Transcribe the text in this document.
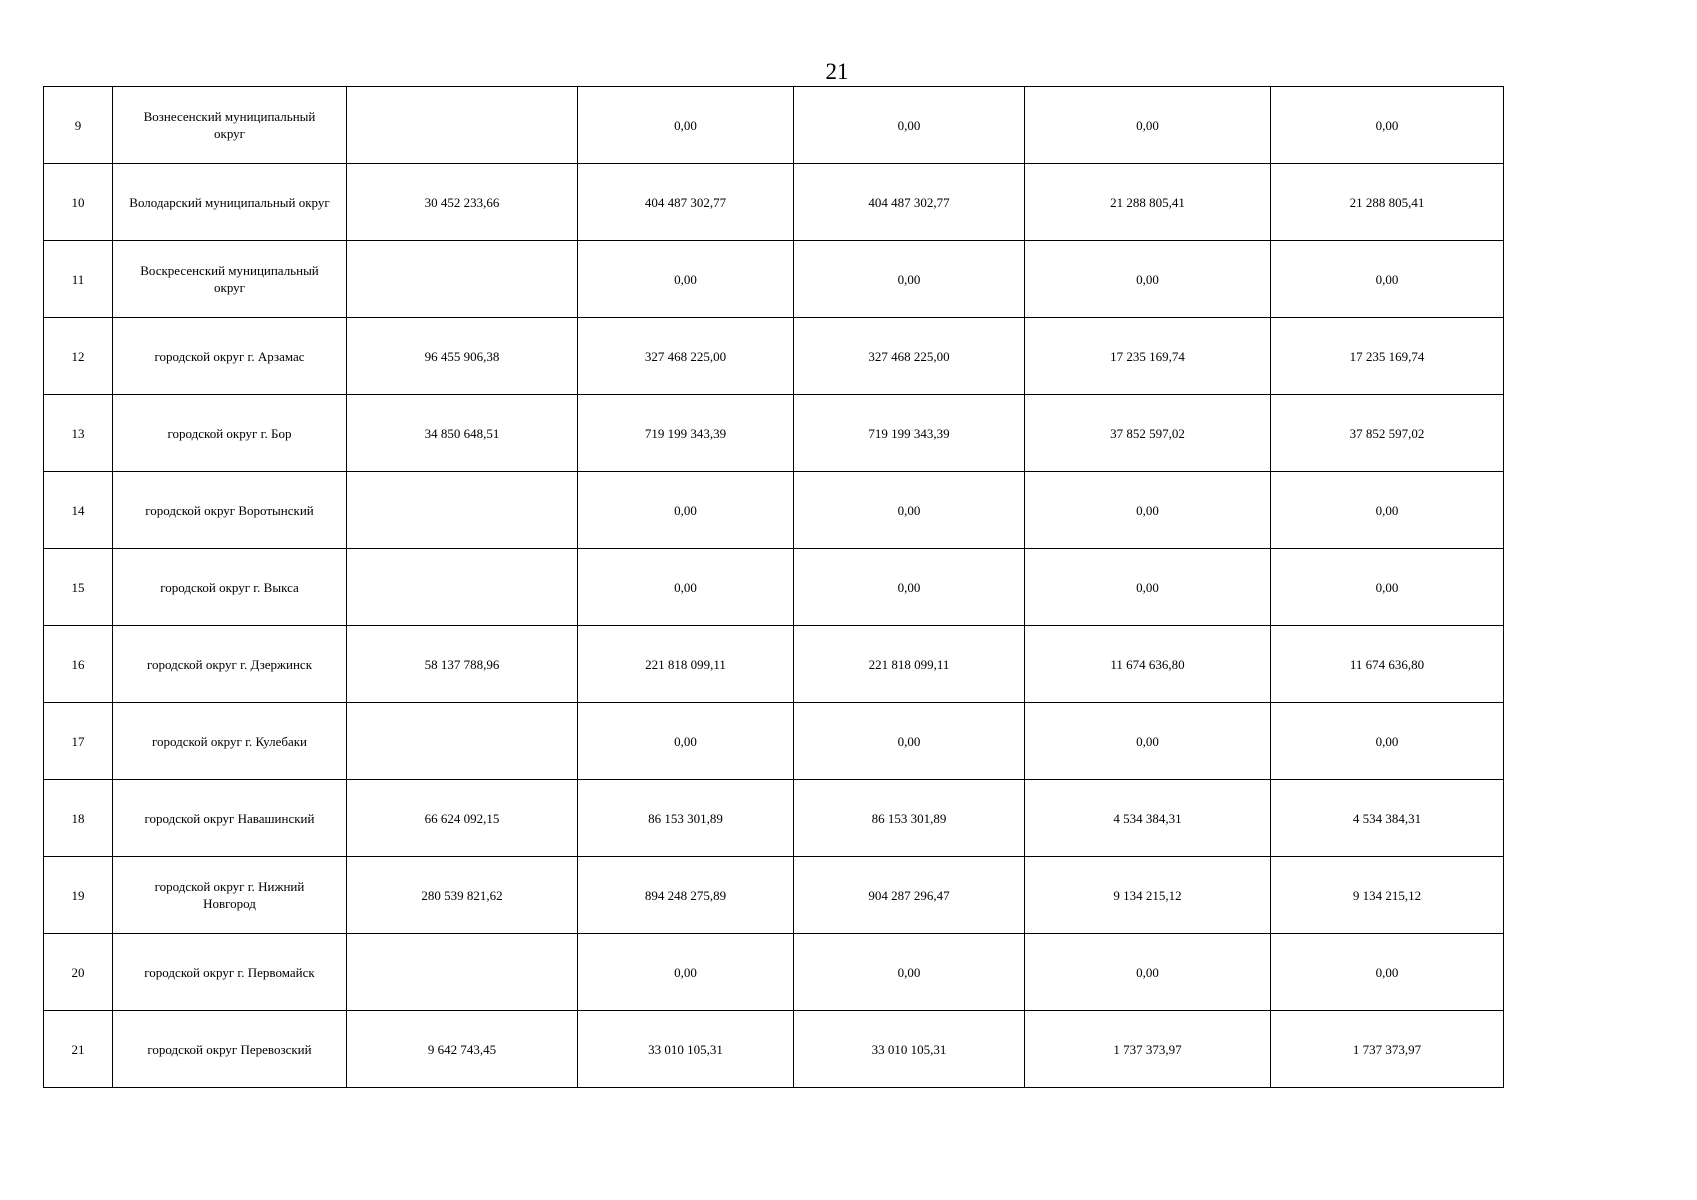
21
9	Вознесенский муниципальный округ		0,00	0,00	0,00	0,00
10	Володарский муниципальный округ	30 452 233,66	404 487 302,77	404 487 302,77	21 288 805,41	21 288 805,41
11	Воскресенский муниципальный округ		0,00	0,00	0,00	0,00
12	городской округ г. Арзамас	96 455 906,38	327 468 225,00	327 468 225,00	17 235 169,74	17 235 169,74
13	городской округ г. Бор	34 850 648,51	719 199 343,39	719 199 343,39	37 852 597,02	37 852 597,02
14	городской округ Воротынский		0,00	0,00	0,00	0,00
15	городской округ г. Выкса		0,00	0,00	0,00	0,00
16	городской округ г. Дзержинск	58 137 788,96	221 818 099,11	221 818 099,11	11 674 636,80	11 674 636,80
17	городской округ г. Кулебаки		0,00	0,00	0,00	0,00
18	городской округ Навашинский	66 624 092,15	86 153 301,89	86 153 301,89	4 534 384,31	4 534 384,31
19	городской округ г. Нижний Новгород	280 539 821,62	894 248 275,89	904 287 296,47	9 134 215,12	9 134 215,12
20	городской округ г. Первомайск		0,00	0,00	0,00	0,00
21	городской округ Перевозский	9 642 743,45	33 010 105,31	33 010 105,31	1 737 373,97	1 737 373,97
